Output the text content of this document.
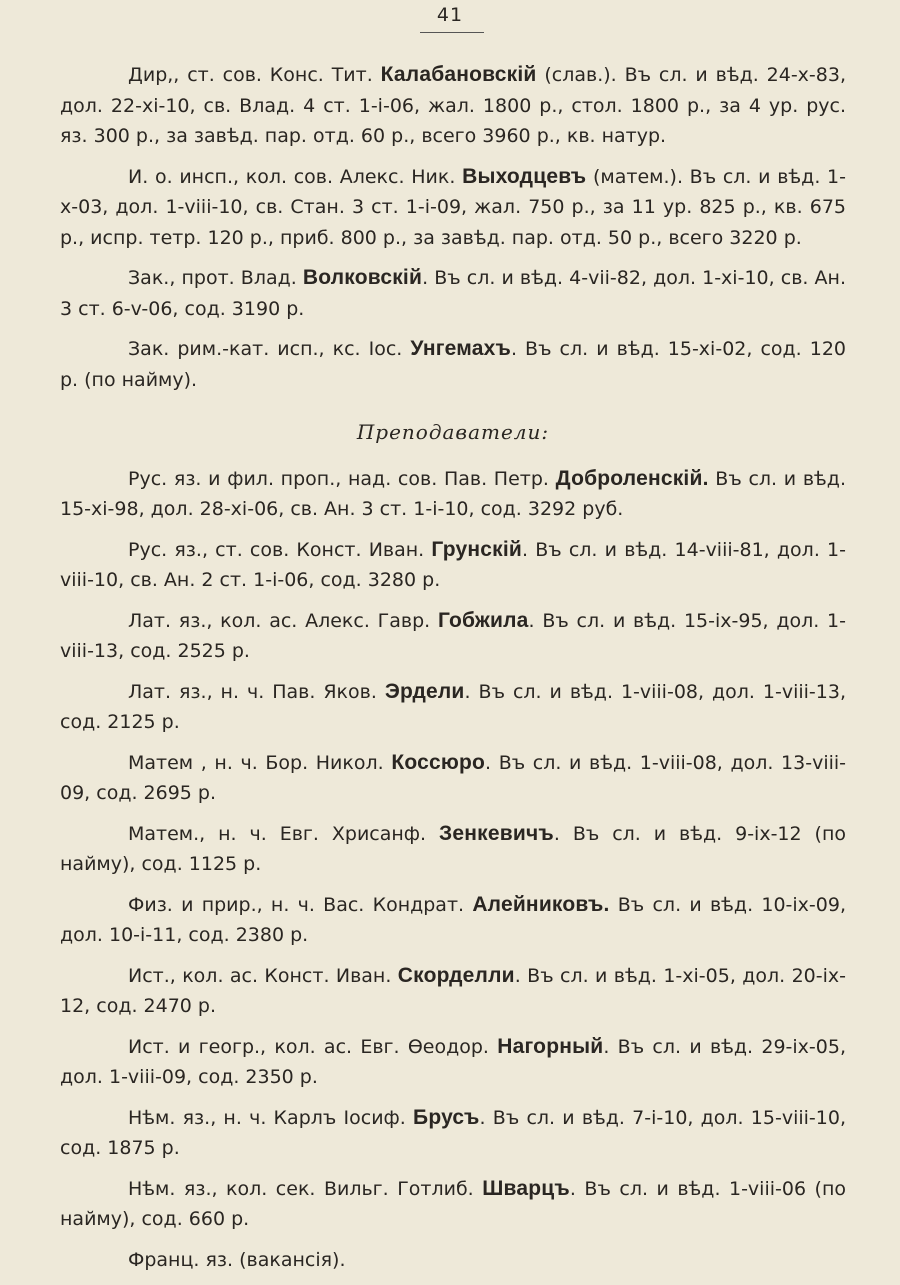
41

Дир,, ст. сов. Конс. Тит. Калабановскій (слав.). Въ сл. и вѣд. 24-x-83, дол. 22-xi-10, св. Влад. 4 ст. 1-i-06, жал. 1800 р., стол. 1800 р., за 4 ур. рус. яз. 300 р., за завѣд. пар. отд. 60 р., всего 3960 р., кв. натур.

И. о. инсп., кол. сов. Алекс. Ник. Выходцевъ (матем.). Въ сл. и вѣд. 1-x-03, дол. 1-viii-10, св. Стан. 3 ст. 1-i-09, жал. 750 р., за 11 ур. 825 р., кв. 675 р., испр. тетр. 120 р., приб. 800 р., за завѣд. пар. отд. 50 р., всего 3220 р.

Зак., прот. Влад. Волковскій. Въ сл. и вѣд. 4-vii-82, дол. 1-xi-10, св. Ан. 3 ст. 6-v-06, сод. 3190 р.

Зак. рим.-кат. исп., кс. Іос. Унгемахъ. Въ сл. и вѣд. 15-xi-02, сод. 120 р. (по найму).

Преподаватели:

Рус. яз. и фил. проп., над. сов. Пав. Петр. Доброленскій. Въ сл. и вѣд. 15-xi-98, дол. 28-xi-06, св. Ан. 3 ст. 1-i-10, сод. 3292 руб.

Рус. яз., ст. сов. Конст. Иван. Грунскій. Въ сл. и вѣд. 14-viii-81, дол. 1-viii-10, св. Ан. 2 ст. 1-i-06, сод. 3280 р.

Лат. яз., кол. ас. Алекс. Гавр. Гобжила. Въ сл. и вѣд. 15-ix-95, дол. 1-viii-13, сод. 2525 р.

Лат. яз., н. ч. Пав. Яков. Эрдели. Въ сл. и вѣд. 1-viii-08, дол. 1-viii-13, сод. 2125 р.

Матем , н. ч. Бор. Никол. Коссюро. Въ сл. и вѣд. 1-viii-08, дол. 13-viii-09, сод. 2695 р.

Матем., н. ч. Евг. Хрисанф. Зенкевичъ. Въ сл. и вѣд. 9-ix-12 (по найму), сод. 1125 р.

Физ. и прир., н. ч. Вас. Кондрат. Алейниковъ. Въ сл. и вѣд. 10-ix-09, дол. 10-i-11, сод. 2380 р.

Ист., кол. ас. Конст. Иван. Скорделли. Въ сл. и вѣд. 1-xi-05, дол. 20-ix-12, сод. 2470 р.

Ист. и геогр., кол. ас. Евг. Ѳеодор. Нагорный. Въ сл. и вѣд. 29-ix-05, дол. 1-viii-09, сод. 2350 р.

Нѣм. яз., н. ч. Карлъ Іосиф. Брусъ. Въ сл. и вѣд. 7-i-10, дол. 15-viii-10, сод. 1875 р.

Нѣм. яз., кол. сек. Вильг. Готлиб. Шварцъ. Въ сл. и вѣд. 1-viii-06 (по найму), сод. 660 р.

Франц. яз. (вакансія).
